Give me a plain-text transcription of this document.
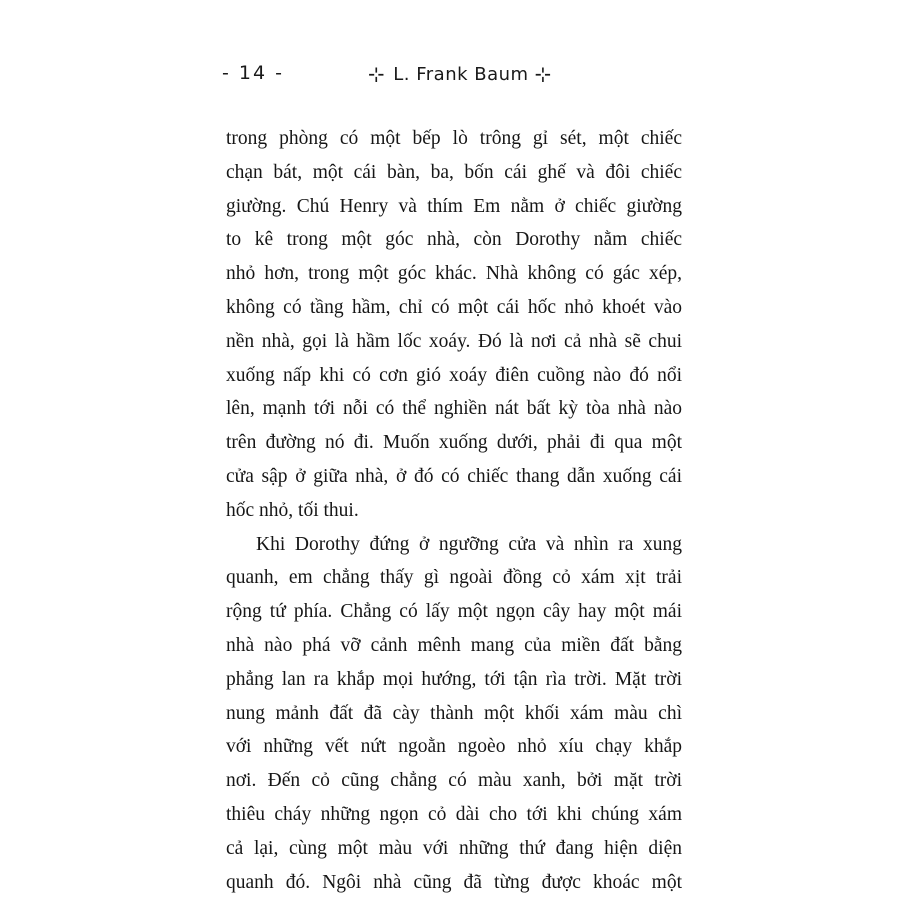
- 14 -	⊹ L. Frank Baum ⊹

trong phòng có một bếp lò trông gỉ sét, một chiếc
chạn bát, một cái bàn, ba, bốn cái ghế và đôi chiếc
giường. Chú Henry và thím Em nằm ở chiếc giường
to kê trong một góc nhà, còn Dorothy nằm chiếc
nhỏ hơn, trong một góc khác. Nhà không có gác xép,
không có tầng hầm, chỉ có một cái hốc nhỏ khoét vào
nền nhà, gọi là hầm lốc xoáy. Đó là nơi cả nhà sẽ chui
xuống nấp khi có cơn gió xoáy điên cuồng nào đó nổi
lên, mạnh tới nỗi có thể nghiền nát bất kỳ tòa nhà nào
trên đường nó đi. Muốn xuống dưới, phải đi qua một
cửa sập ở giữa nhà, ở đó có chiếc thang dẫn xuống cái
hốc nhỏ, tối thui.

Khi Dorothy đứng ở ngưỡng cửa và nhìn ra xung
quanh, em chẳng thấy gì ngoài đồng cỏ xám xịt trải
rộng tứ phía. Chẳng có lấy một ngọn cây hay một mái
nhà nào phá vỡ cảnh mênh mang của miền đất bằng
phẳng lan ra khắp mọi hướng, tới tận rìa trời. Mặt trời
nung mảnh đất đã cày thành một khối xám màu chì
với những vết nứt ngoằn ngoèo nhỏ xíu chạy khắp
nơi. Đến cỏ cũng chẳng có màu xanh, bởi mặt trời
thiêu cháy những ngọn cỏ dài cho tới khi chúng xám
cả lại, cùng một màu với những thứ đang hiện diện
quanh đó. Ngôi nhà cũng đã từng được khoác một
